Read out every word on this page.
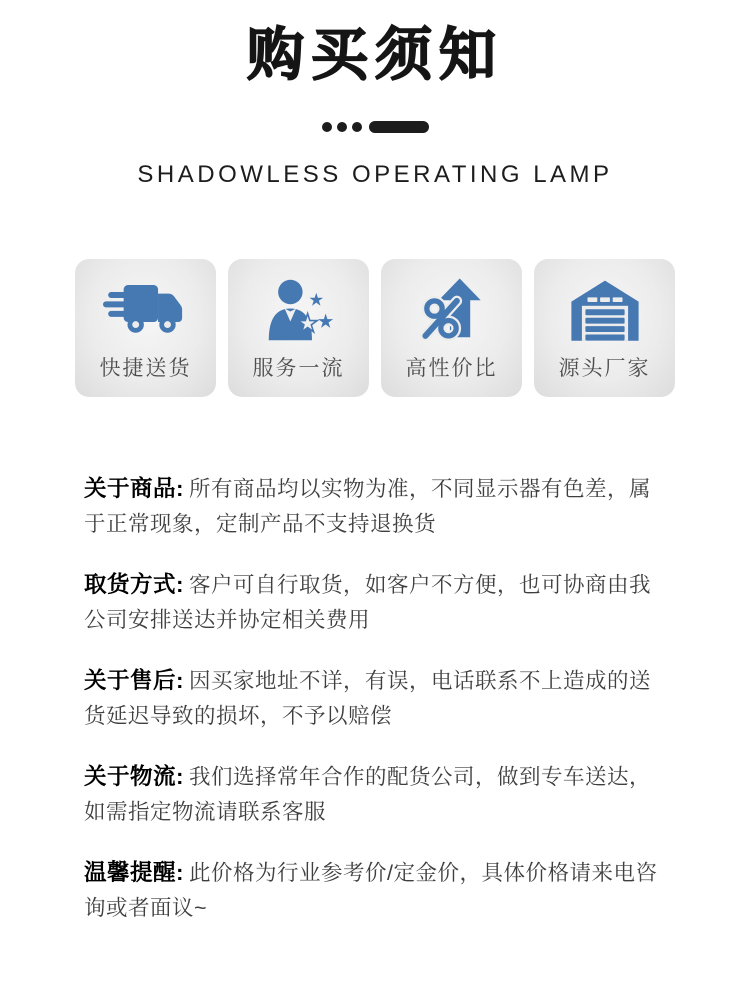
购买须知
SHADOWLESS OPERATING LAMP
快捷送货	服务一流	高性价比	源头厂家

关于商品: 所有商品均以实物为准，不同显示器有色差，属于正常现象，定制产品不支持退换货

取货方式: 客户可自行取货，如客户不方便，也可协商由我公司安排送达并协定相关费用

关于售后: 因买家地址不详，有误，电话联系不上造成的送货延迟导致的损坏，不予以赔偿

关于物流: 我们选择常年合作的配货公司，做到专车送达，如需指定物流请联系客服

温馨提醒: 此价格为行业参考价/定金价，具体价格请来电咨询或者面议~
